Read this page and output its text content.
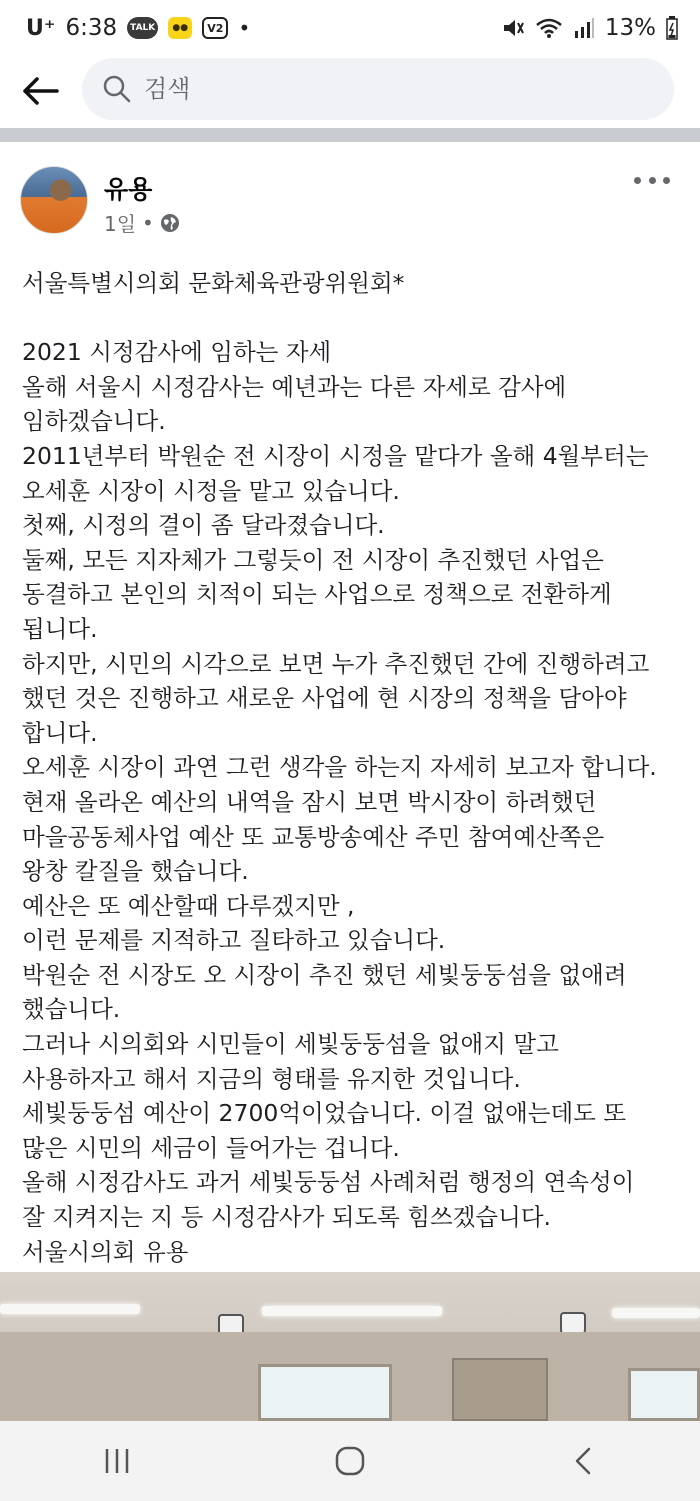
U⁺ 6:38	TALK	●●	V2 •	13%
검색
유용
1일 •
서울특별시의회 문화체육관광위원회*

2021 시정감사에 임하는 자세
올해 서울시 시정감사는 예년과는 다른 자세로 감사에
임하겠습니다.
2011년부터 박원순 전 시장이 시정을 맡다가 올해 4월부터는
오세훈 시장이 시정을 맡고 있습니다.
첫째, 시정의 결이 좀 달라졌습니다.
둘째, 모든 지자체가 그렇듯이 전 시장이 추진했던 사업은
동결하고 본인의 치적이 되는 사업으로 정책으로 전환하게
됩니다.
하지만, 시민의 시각으로 보면 누가 추진했던 간에 진행하려고
했던 것은 진행하고 새로운 사업에 현 시장의 정책을 담아야
합니다.
오세훈 시장이 과연 그런 생각을 하는지 자세히 보고자 합니다.
현재 올라온 예산의 내역을 잠시 보면 박시장이 하려했던
마을공동체사업 예산 또 교통방송예산 주민 참여예산쪽은
왕창 칼질을 했습니다.
예산은 또 예산할때 다루겠지만 ,
이런 문제를 지적하고 질타하고 있습니다.
박원순 전 시장도 오 시장이 추진 했던 세빛둥둥섬을 없애려
했습니다.
그러나 시의회와 시민들이 세빛둥둥섬을 없애지 말고
사용하자고 해서 지금의 형태를 유지한 것입니다.
세빛둥둥섬 예산이 2700억이었습니다. 이걸 없애는데도 또
많은 시민의 세금이 들어가는 겁니다.
올해 시정감사도 과거 세빛둥둥섬 사례처럼 행정의 연속성이
잘 지켜지는 지 등 시정감사가 되도록 힘쓰겠습니다.
서울시의회 유용
